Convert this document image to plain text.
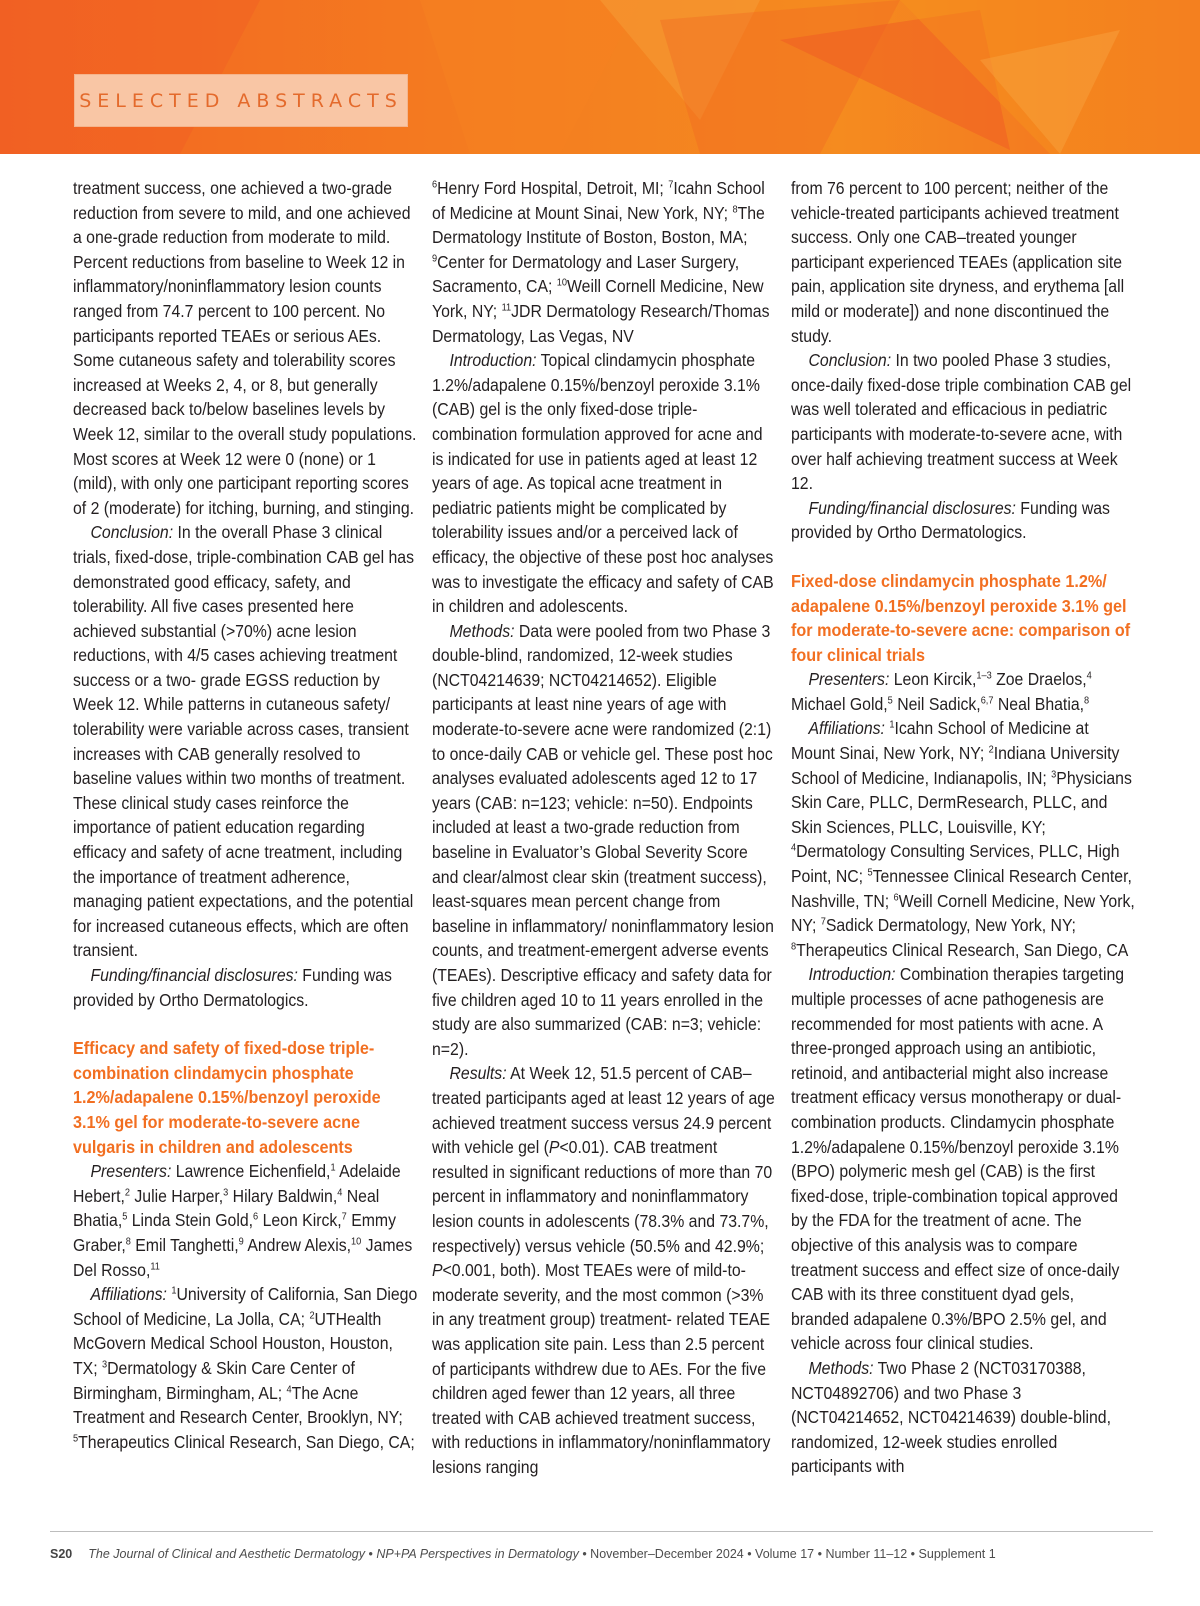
SELECTED ABSTRACTS

treatment success, one achieved a two-grade reduction from severe to mild, and one achieved a one-grade reduction from moderate to mild. Percent reductions from baseline to Week 12 in inflammatory/noninflammatory lesion counts ranged from 74.7 percent to 100 percent. No participants reported TEAEs or serious AEs. Some cutaneous safety and tolerability scores increased at Weeks 2, 4, or 8, but generally decreased back to/below baselines levels by Week 12, similar to the overall study populations. Most scores at Week 12 were 0 (none) or 1 (mild), with only one participant reporting scores of 2 (moderate) for itching, burning, and stinging.

Conclusion: In the overall Phase 3 clinical trials, fixed-dose, triple-combination CAB gel has demonstrated good efficacy, safety, and tolerability. All five cases presented here achieved substantial (>70%) acne lesion reductions, with 4/5 cases achieving treatment success or a two- grade EGSS reduction by Week 12. While patterns in cutaneous safety/ tolerability were variable across cases, transient increases with CAB generally resolved to baseline values within two months of treatment. These clinical study cases reinforce the importance of patient education regarding efficacy and safety of acne treatment, including the importance of treatment adherence, managing patient expectations, and the potential for increased cutaneous effects, which are often transient.

Funding/financial disclosures: Funding was provided by Ortho Dermatologics.

Efficacy and safety of fixed-dose triple-combination clindamycin phosphate 1.2%/adapalene 0.15%/benzoyl peroxide 3.1% gel for moderate-to-severe acne vulgaris in children and adolescents

Presenters: Lawrence Eichenfield,$^1$ Adelaide Hebert,$^2$ Julie Harper,$^3$ Hilary Baldwin,$^4$ Neal Bhatia,$^5$ Linda Stein Gold,$^6$ Leon Kirck,$^7$ Emmy Graber,$^8$ Emil Tanghetti,$^9$ Andrew Alexis,$^{10}$ James Del Rosso,$^{11}$

Affiliations: $^1$University of California, San Diego School of Medicine, La Jolla, CA; $^2$UTHealth McGovern Medical School Houston, Houston, TX; $^3$Dermatology & Skin Care Center of Birmingham, Birmingham, AL; $^4$The Acne Treatment and Research Center, Brooklyn, NY; $^5$Therapeutics Clinical Research, San Diego, CA;

$^6$Henry Ford Hospital, Detroit, MI; $^7$Icahn School of Medicine at Mount Sinai, New York, NY; $^8$The Dermatology Institute of Boston, Boston, MA; $^9$Center for Dermatology and Laser Surgery, Sacramento, CA; $^{10}$Weill Cornell Medicine, New York, NY; $^{11}$JDR Dermatology Research/Thomas Dermatology, Las Vegas, NV

Introduction: Topical clindamycin phosphate 1.2%/adapalene 0.15%/benzoyl peroxide 3.1% (CAB) gel is the only fixed-dose triple-combination formulation approved for acne and is indicated for use in patients aged at least 12 years of age. As topical acne treatment in pediatric patients might be complicated by tolerability issues and/or a perceived lack of efficacy, the objective of these post hoc analyses was to investigate the efficacy and safety of CAB in children and adolescents.

Methods: Data were pooled from two Phase 3 double-blind, randomized, 12-week studies (NCT04214639; NCT04214652). Eligible participants at least nine years of age with moderate-to-severe acne were randomized (2:1) to once-daily CAB or vehicle gel. These post hoc analyses evaluated adolescents aged 12 to 17 years (CAB: n=123; vehicle: n=50). Endpoints included at least a two-grade reduction from baseline in Evaluator’s Global Severity Score and clear/almost clear skin (treatment success), least-squares mean percent change from baseline in inflammatory/ noninflammatory lesion counts, and treatment-emergent adverse events (TEAEs). Descriptive efficacy and safety data for five children aged 10 to 11 years enrolled in the study are also summarized (CAB: n=3; vehicle: n=2).

Results: At Week 12, 51.5 percent of CAB–treated participants aged at least 12 years of age achieved treatment success versus 24.9 percent with vehicle gel (P<0.01). CAB treatment resulted in significant reductions of more than 70 percent in inflammatory and noninflammatory lesion counts in adolescents (78.3% and 73.7%, respectively) versus vehicle (50.5% and 42.9%; P<0.001, both). Most TEAEs were of mild-to-moderate severity, and the most common (>3% in any treatment group) treatment- related TEAE was application site pain. Less than 2.5 percent of participants withdrew due to AEs. For the five children aged fewer than 12 years, all three treated with CAB achieved treatment success, with reductions in inflammatory/noninflammatory lesions ranging

from 76 percent to 100 percent; neither of the vehicle-treated participants achieved treatment success. Only one CAB–treated younger participant experienced TEAEs (application site pain, application site dryness, and erythema [all mild or moderate]) and none discontinued the study.

Conclusion: In two pooled Phase 3 studies, once-daily fixed-dose triple combination CAB gel was well tolerated and efficacious in pediatric participants with moderate-to-severe acne, with over half achieving treatment success at Week 12.

Funding/financial disclosures: Funding was provided by Ortho Dermatologics.

Fixed-dose clindamycin phosphate 1.2%/ adapalene 0.15%/benzoyl peroxide 3.1% gel for moderate-to-severe acne: comparison of four clinical trials

Presenters: Leon Kircik,$^{1-3}$ Zoe Draelos,$^4$ Michael Gold,$^5$ Neil Sadick,$^{6,7}$ Neal Bhatia,$^8$

Affiliations: $^1$Icahn School of Medicine at Mount Sinai, New York, NY; $^2$Indiana University School of Medicine, Indianapolis, IN; $^3$Physicians Skin Care, PLLC, DermResearch, PLLC, and Skin Sciences, PLLC, Louisville, KY; $^4$Dermatology Consulting Services, PLLC, High Point, NC; $^5$Tennessee Clinical Research Center, Nashville, TN; $^6$Weill Cornell Medicine, New York, NY; $^7$Sadick Dermatology, New York, NY; $^8$Therapeutics Clinical Research, San Diego, CA

Introduction: Combination therapies targeting multiple processes of acne pathogenesis are recommended for most patients with acne. A three-pronged approach using an antibiotic, retinoid, and antibacterial might also increase treatment efficacy versus monotherapy or dual-combination products. Clindamycin phosphate 1.2%/adapalene 0.15%/benzoyl peroxide 3.1% (BPO) polymeric mesh gel (CAB) is the first fixed-dose, triple-combination topical approved by the FDA for the treatment of acne. The objective of this analysis was to compare treatment success and effect size of once-daily CAB with its three constituent dyad gels, branded adapalene 0.3%/BPO 2.5% gel, and vehicle across four clinical studies.

Methods: Two Phase 2 (NCT03170388, NCT04892706) and two Phase 3 (NCT04214652, NCT04214639) double-blind, randomized, 12-week studies enrolled participants with

S20 The Journal of Clinical and Aesthetic Dermatology • NP+PA Perspectives in Dermatology • November–December 2024 • Volume 17 • Number 11–12 • Supplement 1
